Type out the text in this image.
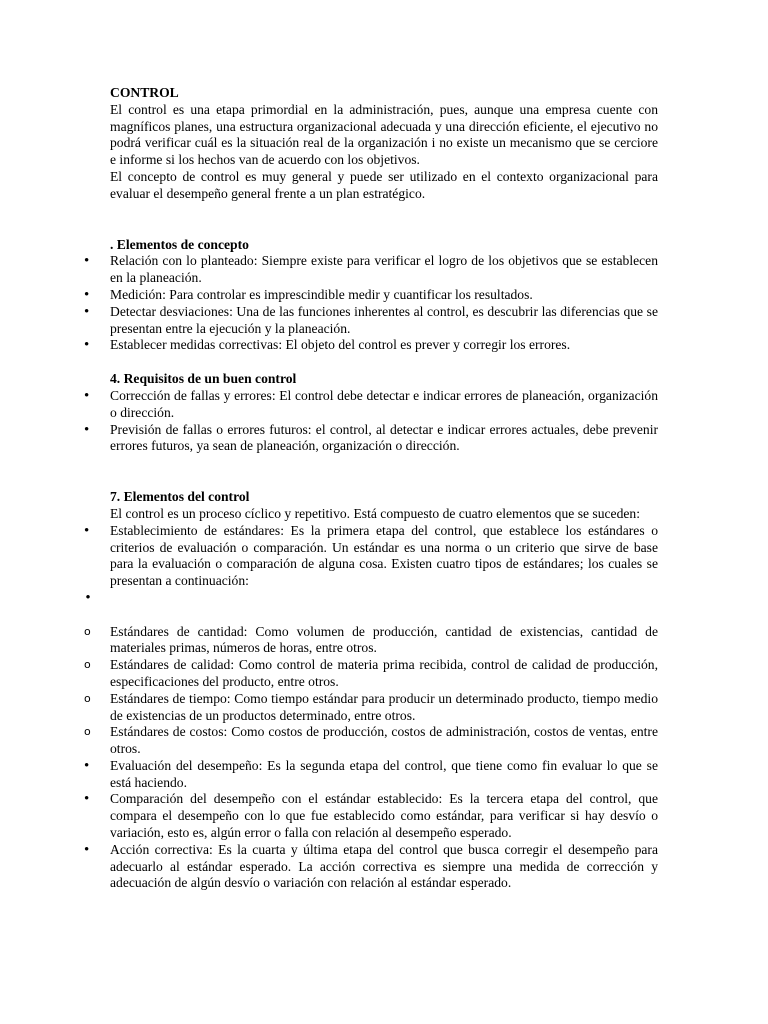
CONTROL

El control es una etapa primordial en la administración, pues, aunque una empresa cuente con magníficos planes, una estructura organizacional adecuada y una dirección eficiente, el ejecutivo no podrá verificar cuál es la situación real de la organización i no existe un mecanismo que se cerciore e informe si los hechos van de acuerdo con los objetivos.

El concepto de control es muy general y puede ser utilizado en el contexto organizacional para evaluar el desempeño general frente a un plan estratégico.

. Elementos de concepto

• Relación con lo planteado: Siempre existe para verificar el logro de los objetivos que se establecen en la planeación.
• Medición: Para controlar es imprescindible medir y cuantificar los resultados.
• Detectar desviaciones: Una de las funciones inherentes al control, es descubrir las diferencias que se presentan entre la ejecución y la planeación.
• Establecer medidas correctivas: El objeto del control es prever y corregir los errores.

4. Requisitos de un buen control

• Corrección de fallas y errores: El control debe detectar e indicar errores de planeación, organización o dirección.
• Previsión de fallas o errores futuros: el control, al detectar e indicar errores actuales, debe prevenir errores futuros, ya sean de planeación, organización o dirección.

7. Elementos del control

El control es un proceso cíclico y repetitivo. Está compuesto de cuatro elementos que se suceden:

• Establecimiento de estándares: Es la primera etapa del control, que establece los estándares o criterios de evaluación o comparación. Un estándar es una norma o un criterio que sirve de base para la evaluación o comparación de alguna cosa. Existen cuatro tipos de estándares; los cuales se presentan a continuación:
•
o Estándares de cantidad: Como volumen de producción, cantidad de existencias, cantidad de materiales primas, números de horas, entre otros.
o Estándares de calidad: Como control de materia prima recibida, control de calidad de producción, especificaciones del producto, entre otros.
o Estándares de tiempo: Como tiempo estándar para producir un determinado producto, tiempo medio de existencias de un productos determinado, entre otros.
o Estándares de costos: Como costos de producción, costos de administración, costos de ventas, entre otros.
• Evaluación del desempeño: Es la segunda etapa del control, que tiene como fin evaluar lo que se está haciendo.
• Comparación del desempeño con el estándar establecido: Es la tercera etapa del control, que compara el desempeño con lo que fue establecido como estándar, para verificar si hay desvío o variación, esto es, algún error o falla con relación al desempeño esperado.
• Acción correctiva: Es la cuarta y última etapa del control que busca corregir el desempeño para adecuarlo al estándar esperado. La acción correctiva es siempre una medida de corrección y adecuación de algún desvío o variación con relación al estándar esperado.
